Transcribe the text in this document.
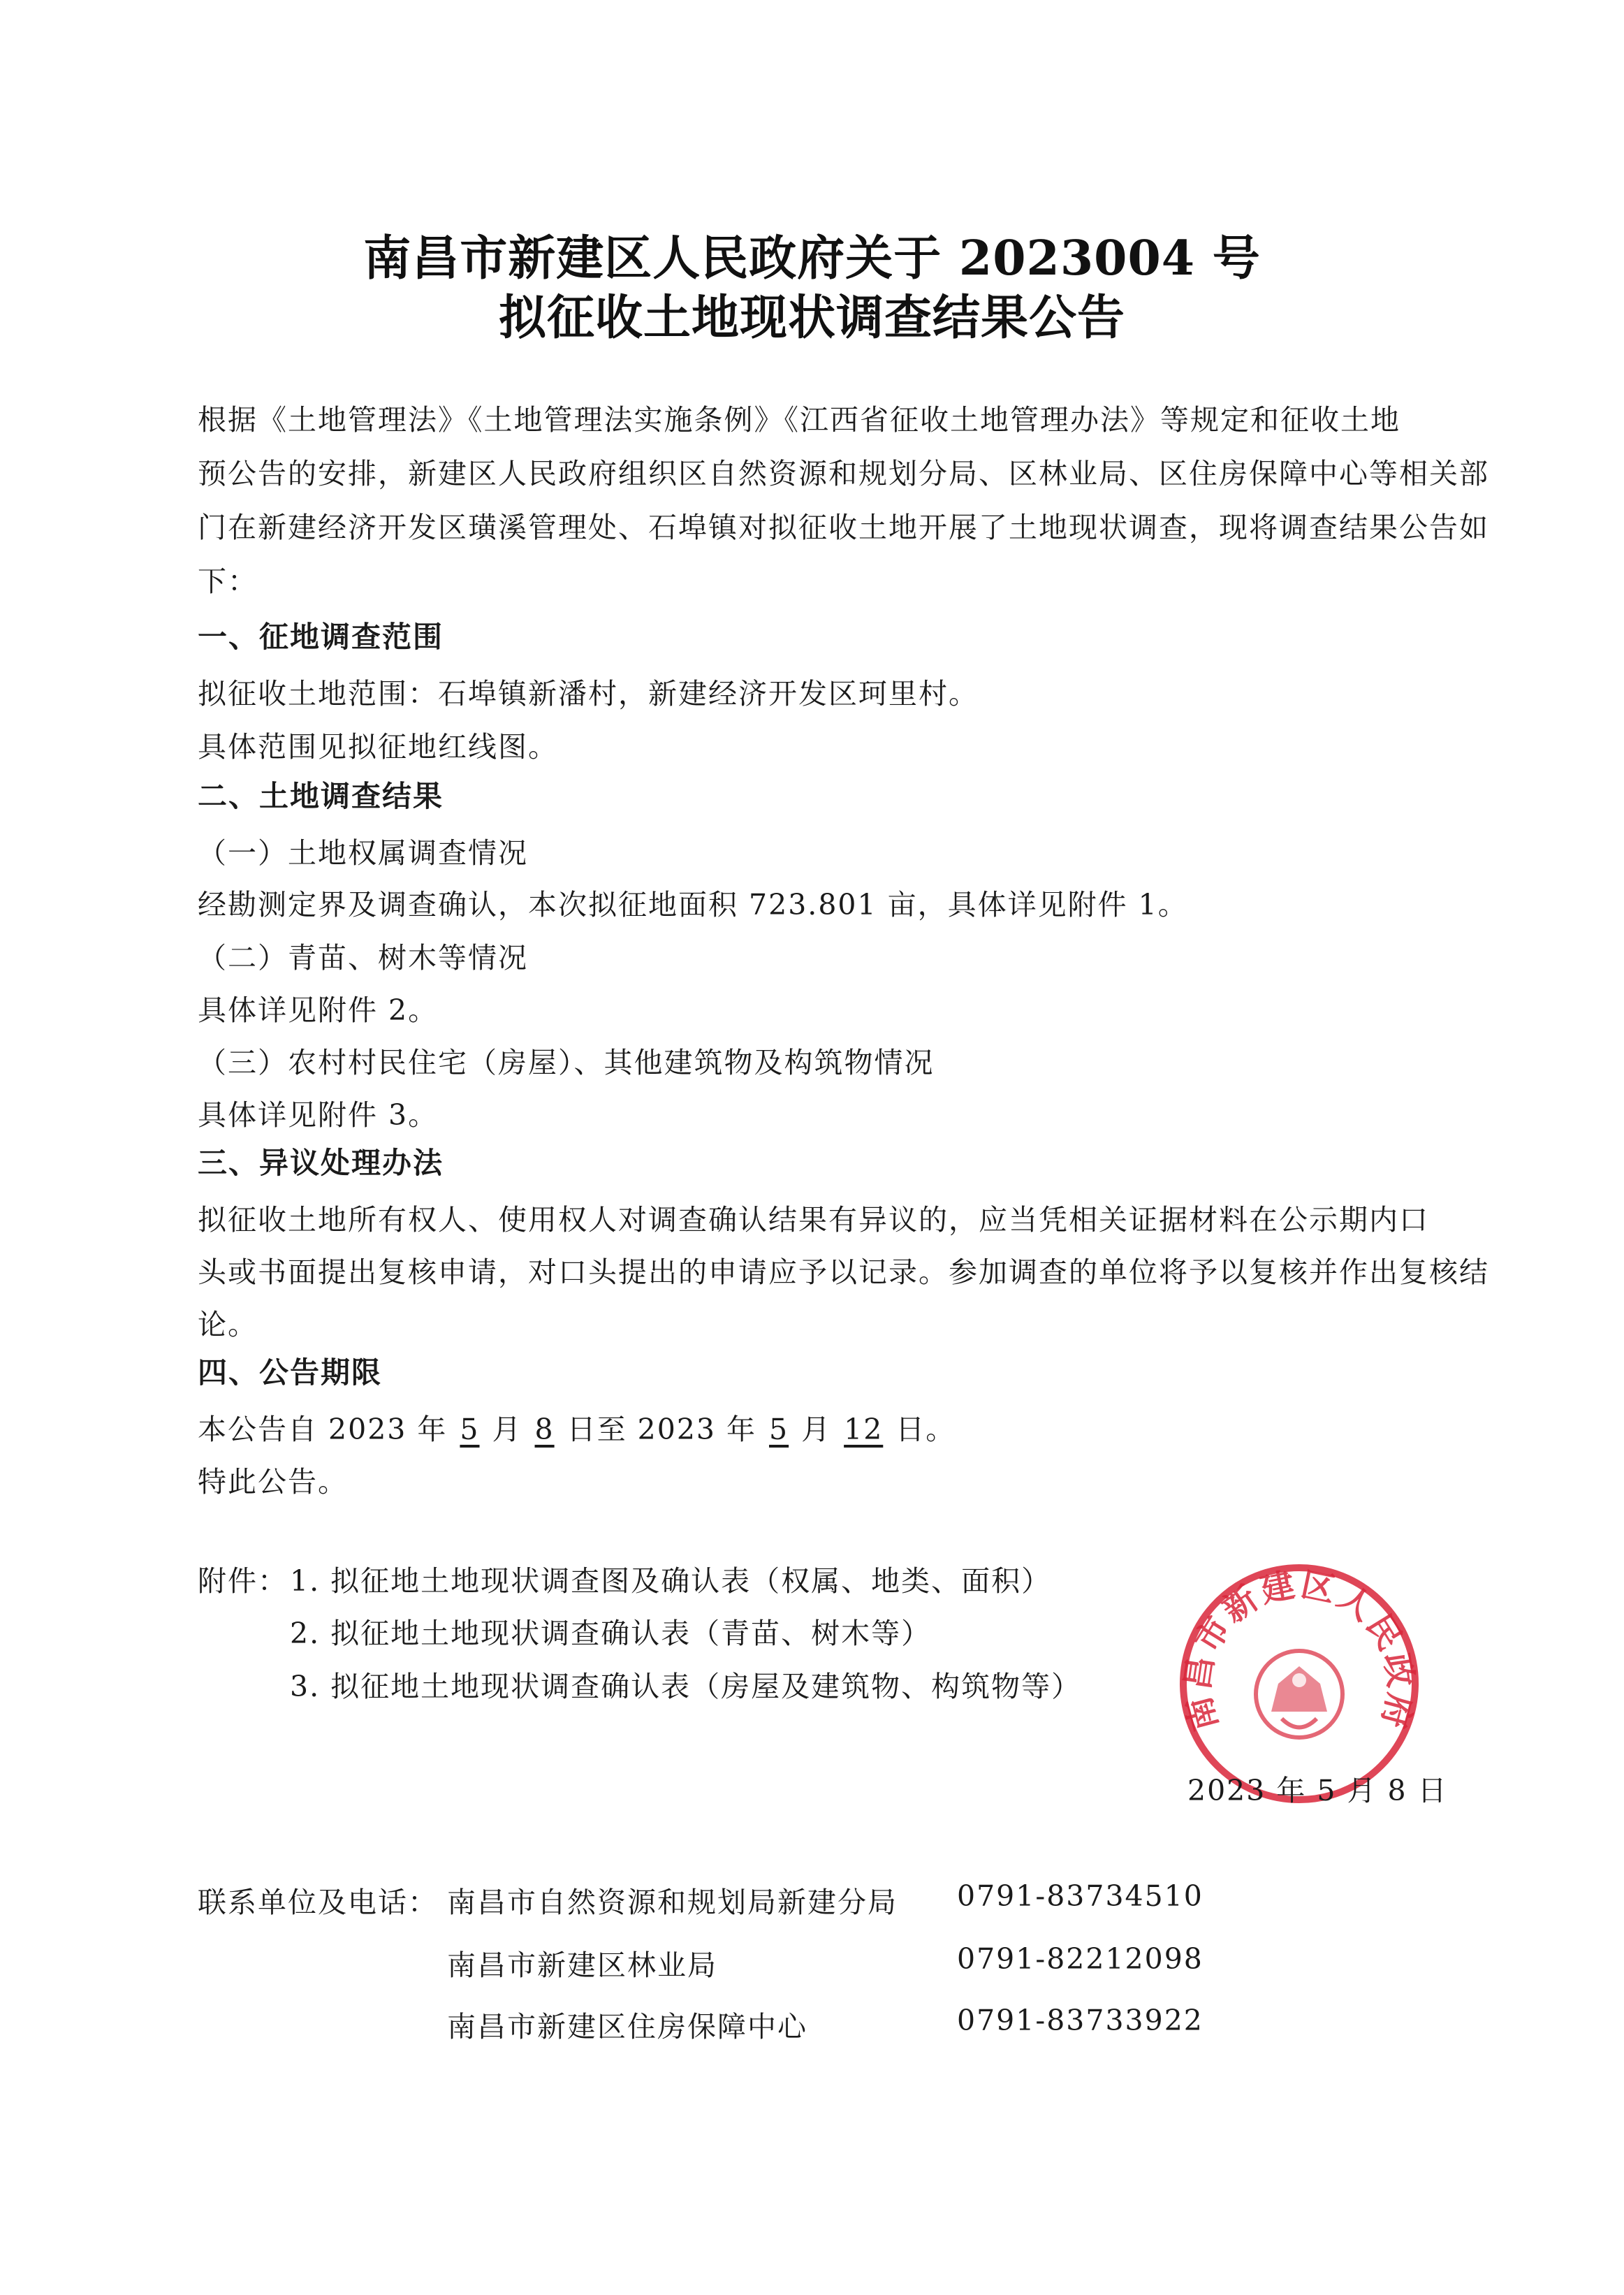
南昌市新建区人民政府关于 2023004 号
拟征收土地现状调查结果公告
根据《土地管理法》《土地管理法实施条例》《江西省征收土地管理办法》等规定和征收土地
预公告的安排，新建区人民政府组织区自然资源和规划分局、区林业局、区住房保障中心等相关部
门在新建经济开发区璜溪管理处、石埠镇对拟征收土地开展了土地现状调查，现将调查结果公告如
下：
一、征地调查范围
拟征收土地范围：石埠镇新潘村，新建经济开发区珂里村。
具体范围见拟征地红线图。
二、土地调查结果
（一）土地权属调查情况
经勘测定界及调查确认，本次拟征地面积 723.801 亩，具体详见附件 1。
（二）青苗、树木等情况
具体详见附件 2。
（三）农村村民住宅（房屋）、其他建筑物及构筑物情况
具体详见附件 3。
三、异议处理办法
拟征收土地所有权人、使用权人对调查确认结果有异议的，应当凭相关证据材料在公示期内口
头或书面提出复核申请，对口头提出的申请应予以记录。参加调查的单位将予以复核并作出复核结
论。
四、公告期限
本公告自 2023 年 5 月 8 日至 2023 年 5 月 12 日。
特此公告。
附件： 1. 拟征地土地现状调查图及确认表（权属、地类、面积）
2. 拟征地土地现状调查确认表（青苗、树木等）
3. 拟征地土地现状调查确认表（房屋及建筑物、构筑物等）
南昌市新建区人民政府
2023 年 5 月 8 日
联系单位及电话： 南昌市自然资源和规划局新建分局 0791-83734510
南昌市新建区林业局	0791-82212098
南昌市新建区住房保障中心	0791-83733922
